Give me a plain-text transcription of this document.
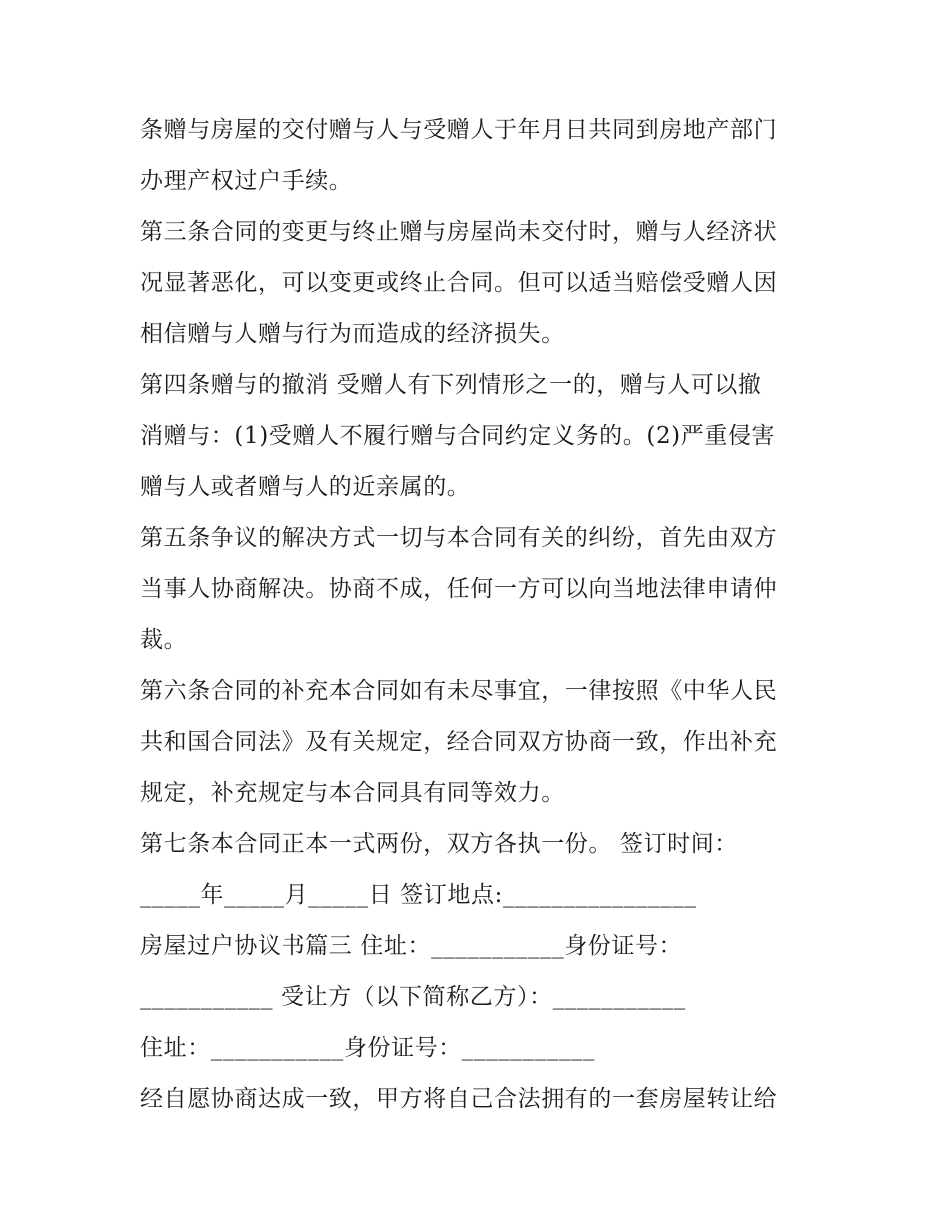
条赠与房屋的交付赠与人与受赠人于年月日共同到房地产部门
办理产权过户手续。
第三条合同的变更与终止赠与房屋尚未交付时，赠与人经济状
况显著恶化，可以变更或终止合同。但可以适当赔偿受赠人因
相信赠与人赠与行为而造成的经济损失。
第四条赠与的撤消 受赠人有下列情形之一的，赠与人可以撤
消赠与：(1)受赠人不履行赠与合同约定义务的。(2)严重侵害
赠与人或者赠与人的近亲属的。
第五条争议的解决方式一切与本合同有关的纠纷，首先由双方
当事人协商解决。协商不成，任何一方可以向当地法律申请仲
裁。
第六条合同的补充本合同如有未尽事宜，一律按照《中华人民
共和国合同法》及有关规定，经合同双方协商一致，作出补充
规定，补充规定与本合同具有同等效力。
第七条本合同正本一式两份，双方各执一份。 签订时间：
_____年_____月_____日 签订地点:________________
房屋过户协议书篇三 住址：___________身份证号：
___________ 受让方（以下简称乙方）：___________
住址：___________身份证号：___________
经自愿协商达成一致，甲方将自己合法拥有的一套房屋转让给
